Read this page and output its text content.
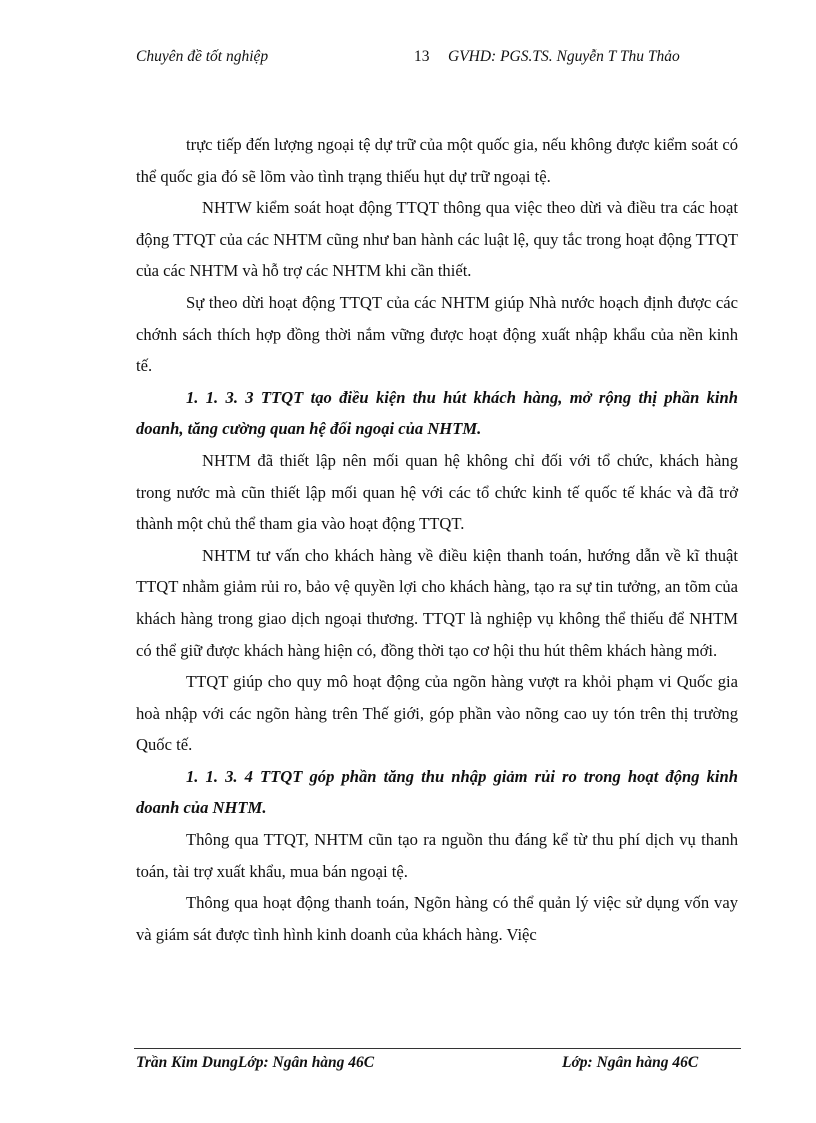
Chuyên đề tốt nghiệp	13 GVHD: PGS.TS. Nguyễn T Thu Thảo

trực tiếp đến lượng ngoại tệ dự trữ của một quốc gia, nếu không được kiểm soát có thể quốc gia đó sẽ lõm vào tình trạng thiếu hụt dự trữ ngoại tệ.

NHTW kiểm soát hoạt động TTQT thông qua việc theo dừi và điều tra các hoạt động TTQT của các NHTM cũng như ban hành các luật lệ, quy tắc trong hoạt động TTQT của các NHTM và hỗ trợ các NHTM khi cần thiết.

Sự theo dừi hoạt động TTQT của các NHTM giúp Nhà nước hoạch định được các chớnh sách thích hợp đồng thời nắm vững được hoạt động xuất nhập khẩu của nền kinh tế.

1. 1. 3. 3 TTQT tạo điều kiện thu hút khách hàng, mở rộng thị phần kinh doanh, tăng cường quan hệ đối ngoại của NHTM.

NHTM đã thiết lập nên mối quan hệ không chỉ đối với tổ chức, khách hàng trong nước mà cũn thiết lập mối quan hệ với các tổ chức kinh tế quốc tế khác và đã trở thành một chủ thể tham gia vào hoạt động TTQT.

NHTM tư vấn cho khách hàng về điều kiện thanh toán, hướng dẫn về kĩ thuật TTQT nhằm giảm rủi ro, bảo vệ quyền lợi cho khách hàng, tạo ra sự tin tưởng, an tõm của khách hàng trong giao dịch ngoại thương. TTQT là nghiệp vụ không thể thiếu để NHTM có thể giữ được khách hàng hiện có, đồng thời tạo cơ hội thu hút thêm khách hàng mới.

TTQT giúp cho quy mô hoạt động của ngõn hàng vượt ra khỏi phạm vi Quốc gia hoà nhập với các ngõn hàng trên Thế giới, góp phần vào nõng cao uy tón trên thị trường Quốc tế.

1. 1. 3. 4 TTQT góp phần tăng thu nhập giảm rủi ro trong hoạt động kinh doanh của NHTM.

Thông qua TTQT, NHTM cũn tạo ra nguồn thu đáng kể từ thu phí dịch vụ thanh toán, tài trợ xuất khẩu, mua bán ngoại tệ.

Thông qua hoạt động thanh toán, Ngõn hàng có thể quản lý việc sử dụng vốn vay và giám sát được tình hình kinh doanh của khách hàng. Việc

Trần Kim DungLớp: Ngân hàng 46C	Lớp: Ngân hàng 46C
